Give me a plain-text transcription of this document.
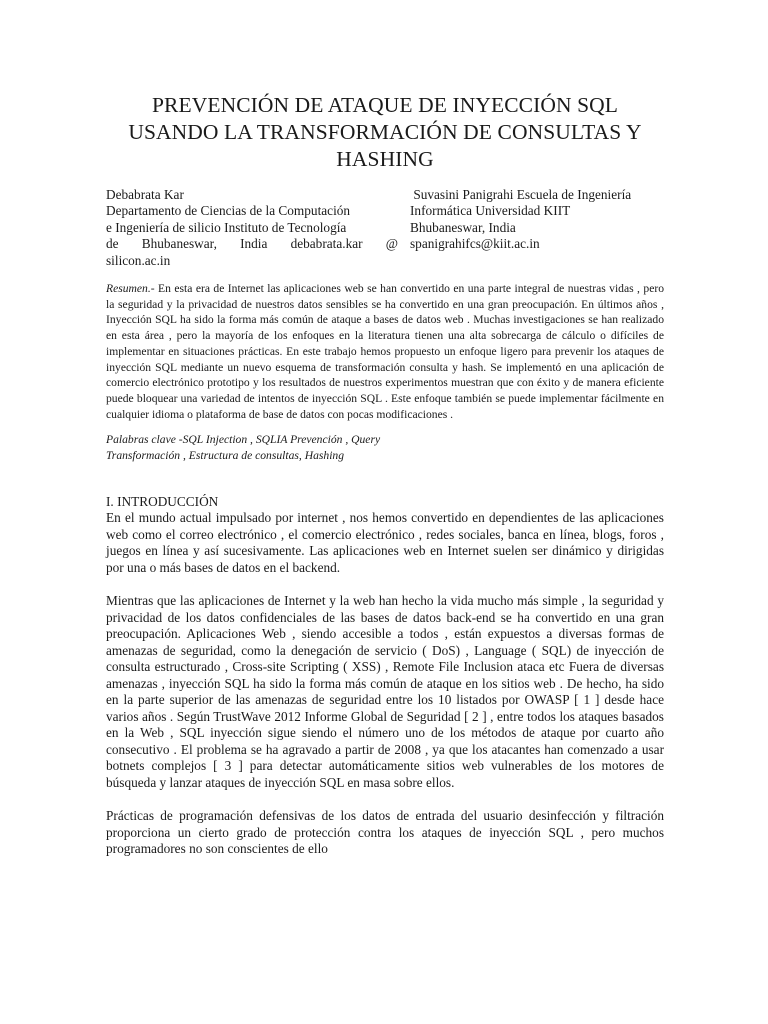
PREVENCIÓN DE ATAQUE DE INYECCIÓN SQL
USANDO LA TRANSFORMACIÓN DE CONSULTAS Y
HASHING
Debabrata Kar
Departamento de Ciencias de la Computación
e Ingeniería de silicio Instituto de Tecnología
de Bhubaneswar, India debabrata.kar @
silicon.ac.in
Suvasini Panigrahi Escuela de Ingeniería
Informática Universidad KIIT
Bhubaneswar, India
spanigrahifcs@kiit.ac.in

Resumen.- En esta era de Internet las aplicaciones web se han convertido en una parte integral de nuestras vidas , pero la seguridad y la privacidad de nuestros datos sensibles se ha convertido en una gran preocupación. En últimos años , Inyección SQL ha sido la forma más común de ataque a bases de datos web . Muchas investigaciones se han realizado en esta área , pero la mayoría de los enfoques en la literatura tienen una alta sobrecarga de cálculo o difíciles de implementar en situaciones prácticas. En este trabajo hemos propuesto un enfoque ligero para prevenir los ataques de inyección SQL mediante un nuevo esquema de transformación consulta y hash. Se implementó en una aplicación de comercio electrónico prototipo y los resultados de nuestros experimentos muestran que con éxito y de manera eficiente puede bloquear una variedad de intentos de inyección SQL . Este enfoque también se puede implementar fácilmente en cualquier idioma o plataforma de base de datos con pocas modificaciones .

Palabras clave -SQL Injection , SQLIA Prevención , Query
Transformación , Estructura de consultas, Hashing
I. INTRODUCCIÓN

En el mundo actual impulsado por internet , nos hemos convertido en dependientes de las aplicaciones web como el correo electrónico , el comercio electrónico , redes sociales, banca en línea, blogs, foros , juegos en línea y así sucesivamente. Las aplicaciones web en Internet suelen ser dinámico y dirigidas por una o más bases de datos en el backend.

Mientras que las aplicaciones de Internet y la web han hecho la vida mucho más simple , la seguridad y privacidad de los datos confidenciales de las bases de datos back-end se ha convertido en una gran preocupación. Aplicaciones Web , siendo accesible a todos , están expuestos a diversas formas de amenazas de seguridad, como la denegación de servicio ( DoS) , Language ( SQL) de inyección de consulta estructurado , Cross-site Scripting ( XSS) , Remote File Inclusion ataca etc Fuera de diversas amenazas , inyección SQL ha sido la forma más común de ataque en los sitios web . De hecho, ha sido en la parte superior de las amenazas de seguridad entre los 10 listados por OWASP [ 1 ] desde hace varios años . Según TrustWave 2012 Informe Global de Seguridad [ 2 ] , entre todos los ataques basados en la Web , SQL inyección sigue siendo el número uno de los métodos de ataque por cuarto año consecutivo . El problema se ha agravado a partir de 2008 , ya que los atacantes han comenzado a usar botnets complejos [ 3 ] para detectar automáticamente sitios web vulnerables de los motores de búsqueda y lanzar ataques de inyección SQL en masa sobre ellos.

Prácticas de programación defensivas de los datos de entrada del usuario desinfección y filtración proporciona un cierto grado de protección contra los ataques de inyección SQL , pero muchos programadores no son conscientes de ello
